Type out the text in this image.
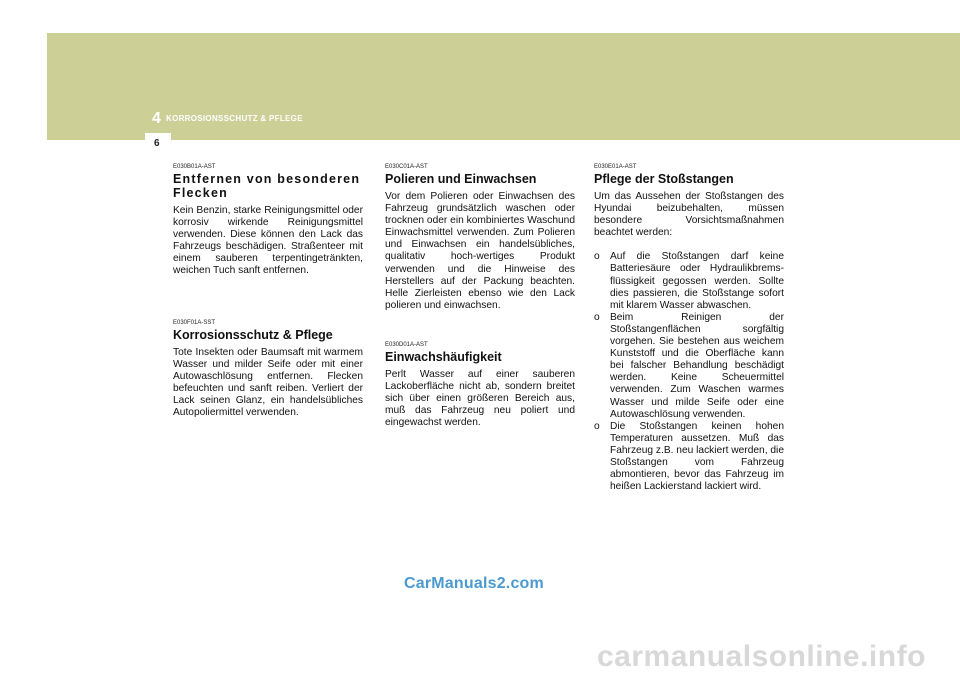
4 KORROSIONSSCHUTZ & PFLEGE
6
E030B01A-AST
Entfernen von besonderen Flecken

Kein Benzin, starke Reinigungsmittel oder korrosiv wirkende Reinigungsmittel verwenden. Diese können den Lack das Fahrzeugs beschädigen. Straßenteer mit einem sauberen terpentingetränkten, weichen Tuch sanft entfernen.

E030F01A-SST
Korrosionsschutz & Pflege

Tote Insekten oder Baumsaft mit warmem Wasser und milder Seife oder mit einer Autowaschlösung entfernen. Flecken befeuchten und sanft reiben. Verliert der Lack seinen Glanz, ein handelsübliches Autopoliermittel verwenden.

E030C01A-AST
Polieren und Einwachsen

Vor dem Polieren oder Einwachsen des Fahrzeug grundsätzlich waschen oder trocknen oder ein kombiniertes Waschund Einwachsmittel verwenden. Zum Polieren und Einwachsen ein handelsübliches, qualitativ hoch-wertiges Produkt verwenden und die Hinweise des Herstellers auf der Packung beachten. Helle Zierleisten ebenso wie den Lack polieren und einwachsen.

E030D01A-AST
Einwachshäufigkeit

Perlt Wasser auf einer sauberen Lackoberfläche nicht ab, sondern breitet sich über einen größeren Bereich aus, muß das Fahrzeug neu poliert und eingewachst werden.

E030E01A-AST
Pflege der Stoßstangen

Um das Aussehen der Stoßstangen des Hyundai beizubehalten, müssen besondere Vorsichtsmaßnahmen beachtet werden:

o Auf die Stoßstangen darf keine Batteriesäure oder Hydraulikbrems-flüssigkeit gegossen werden. Sollte dies passieren, die Stoßstange sofort mit klarem Wasser abwaschen.
o Beim Reinigen der Stoßstangenflächen sorgfältig vorgehen. Sie bestehen aus weichem Kunststoff und die Oberfläche kann bei falscher Behandlung beschädigt werden. Keine Scheuermittel verwenden. Zum Waschen warmes Wasser und milde Seife oder eine Autowaschlösung verwenden.
o Die Stoßstangen keinen hohen Temperaturen aussetzen. Muß das Fahrzeug z.B. neu lackiert werden, die Stoßstangen vom Fahrzeug abmontieren, bevor das Fahrzeug im heißen Lackierstand lackiert wird.
CarManuals2.com
carmanualsonline.info
